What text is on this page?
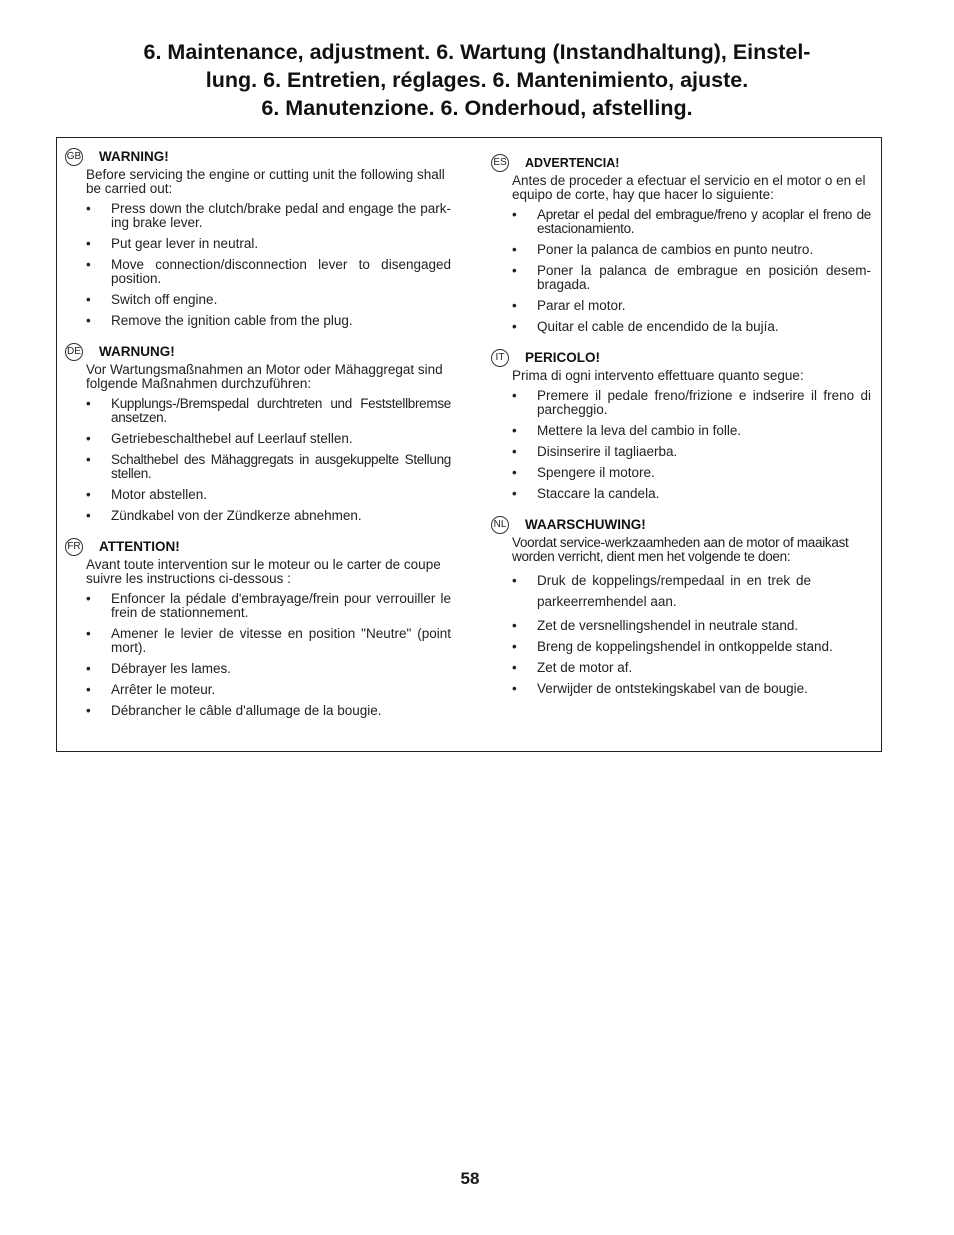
6. Maintenance, adjustment. 6. Wartung (Instandhaltung), Einstel-
lung. 6. Entretien, réglages. 6. Mantenimiento, ajuste.
6. Manutenzione. 6. Onderhoud, afstelling.
GB WARNING!

Before servicing the engine or cutting unit the following shall be carried out:

• Press down the clutch/brake pedal and engage the park-ing brake lever.
• Put gear lever in neutral.
• Move connection/disconnection lever to disengaged position.
• Switch off engine.
• Remove the ignition cable from the plug.
DE WARNUNG!

Vor Wartungsmaßnahmen an Motor oder Mähaggregat sind folgende Maßnahmen durchzuführen:

• Kupplungs-/Bremspedal durchtreten und Feststellbremse ansetzen.
• Getriebeschalthebel auf Leerlauf stellen.
• Schalthebel des Mähaggregats in ausgekuppelte Stellung stellen.
• Motor abstellen.
• Zündkabel von der Zündkerze abnehmen.
FR ATTENTION!

Avant toute intervention sur le moteur ou le carter de coupe suivre les instructions ci-dessous :

• Enfoncer la pédale d'embrayage/frein pour verrouiller le frein de stationnement.
• Amener le levier de vitesse en position "Neutre" (point mort).
• Débrayer les lames.
• Arrêter le moteur.
• Débrancher le câble d'allumage de la bougie.
ES ADVERTENCIA!

Antes de proceder a efectuar el servicio en el motor o en el equipo de corte, hay que hacer lo siguiente:

• Apretar el pedal del embrague/freno y acoplar el freno de estacionamiento.
• Poner la palanca de cambios en punto neutro.
• Poner la palanca de embrague en posición desem-bragada.
• Parar el motor.
• Quitar el cable de encendido de la bujía.
IT	PERICOLO!

Prima di ogni intervento effettuare quanto segue:

• Premere il pedale freno/frizione e indserire il freno di parcheggio.
• Mettere la leva del cambio in folle.
• Disinserire il tagliaerba.
• Spengere il motore.
• Staccare la candela.
NL WAARSCHUWING!

Voordat service-werkzaamheden aan de motor of maaikast worden verricht, dient men het volgende te doen:

• Druk de koppelings/rempedaal in en trek de parkeerremhendel aan.
• Zet de versnellingshendel in neutrale stand.
• Breng de koppelingshendel in ontkoppelde stand.
• Zet de motor af.
• Verwijder de ontstekingskabel van de bougie.
58
